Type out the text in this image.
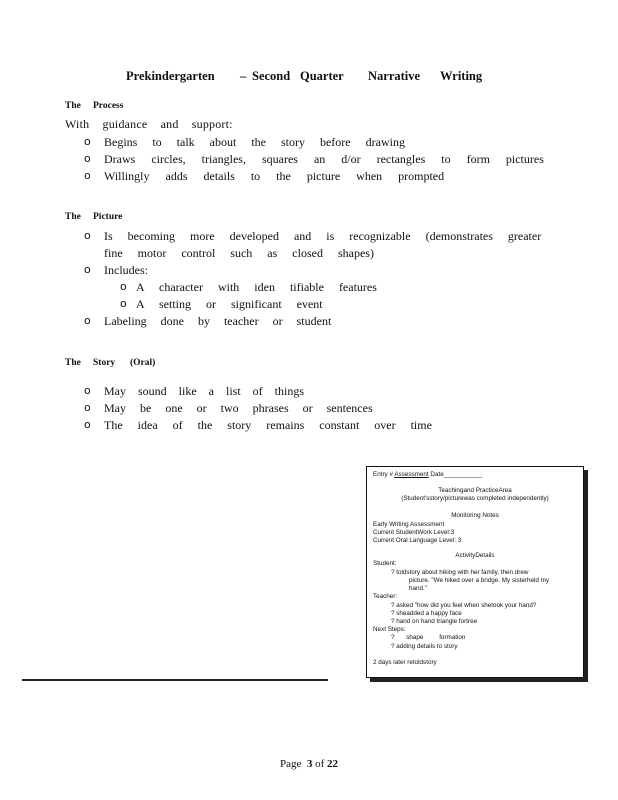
Prekindergarten – Second Quarter Narrative Writing
The Process
With guidance and support:
o Begins to talk about the story before drawing
o Draws circles, triangles, squares an d/or rectangles to form pictures
o Willingly adds details to the picture when prompted
The Picture
o Is becoming more developed and is recognizable (demonstrates greater
fine motor control such as closed shapes)
o Includes:
o A character with iden tifiable features
o A setting or significant event
o Labeling done by teacher or student
The Story (Oral)
o May sound like a list of things
o May be one or two phrases or sentences
o The idea of the story remains constant over time
Entry # Assessment Date___________
Teachingand PracticeArea
(Student'sstory/picturewas completed independently)
Monitoring Notes
Early Writing Assessment
Current StudentWork Level:3
Current Oral Language Level: 3
ActivityDetails
Student:
? toldstory about hiking with her family, then drew
picture. "We hiked over a bridge. My sisterheld my
hand."
Teacher:
? asked "how did you feel when shetook your hand?
? sheadded a happy face
? hand on hand triangle fortree
Next Steps:
? shape	formation
? adding details to story
2 days later retoldstory
Page 3 of 22
